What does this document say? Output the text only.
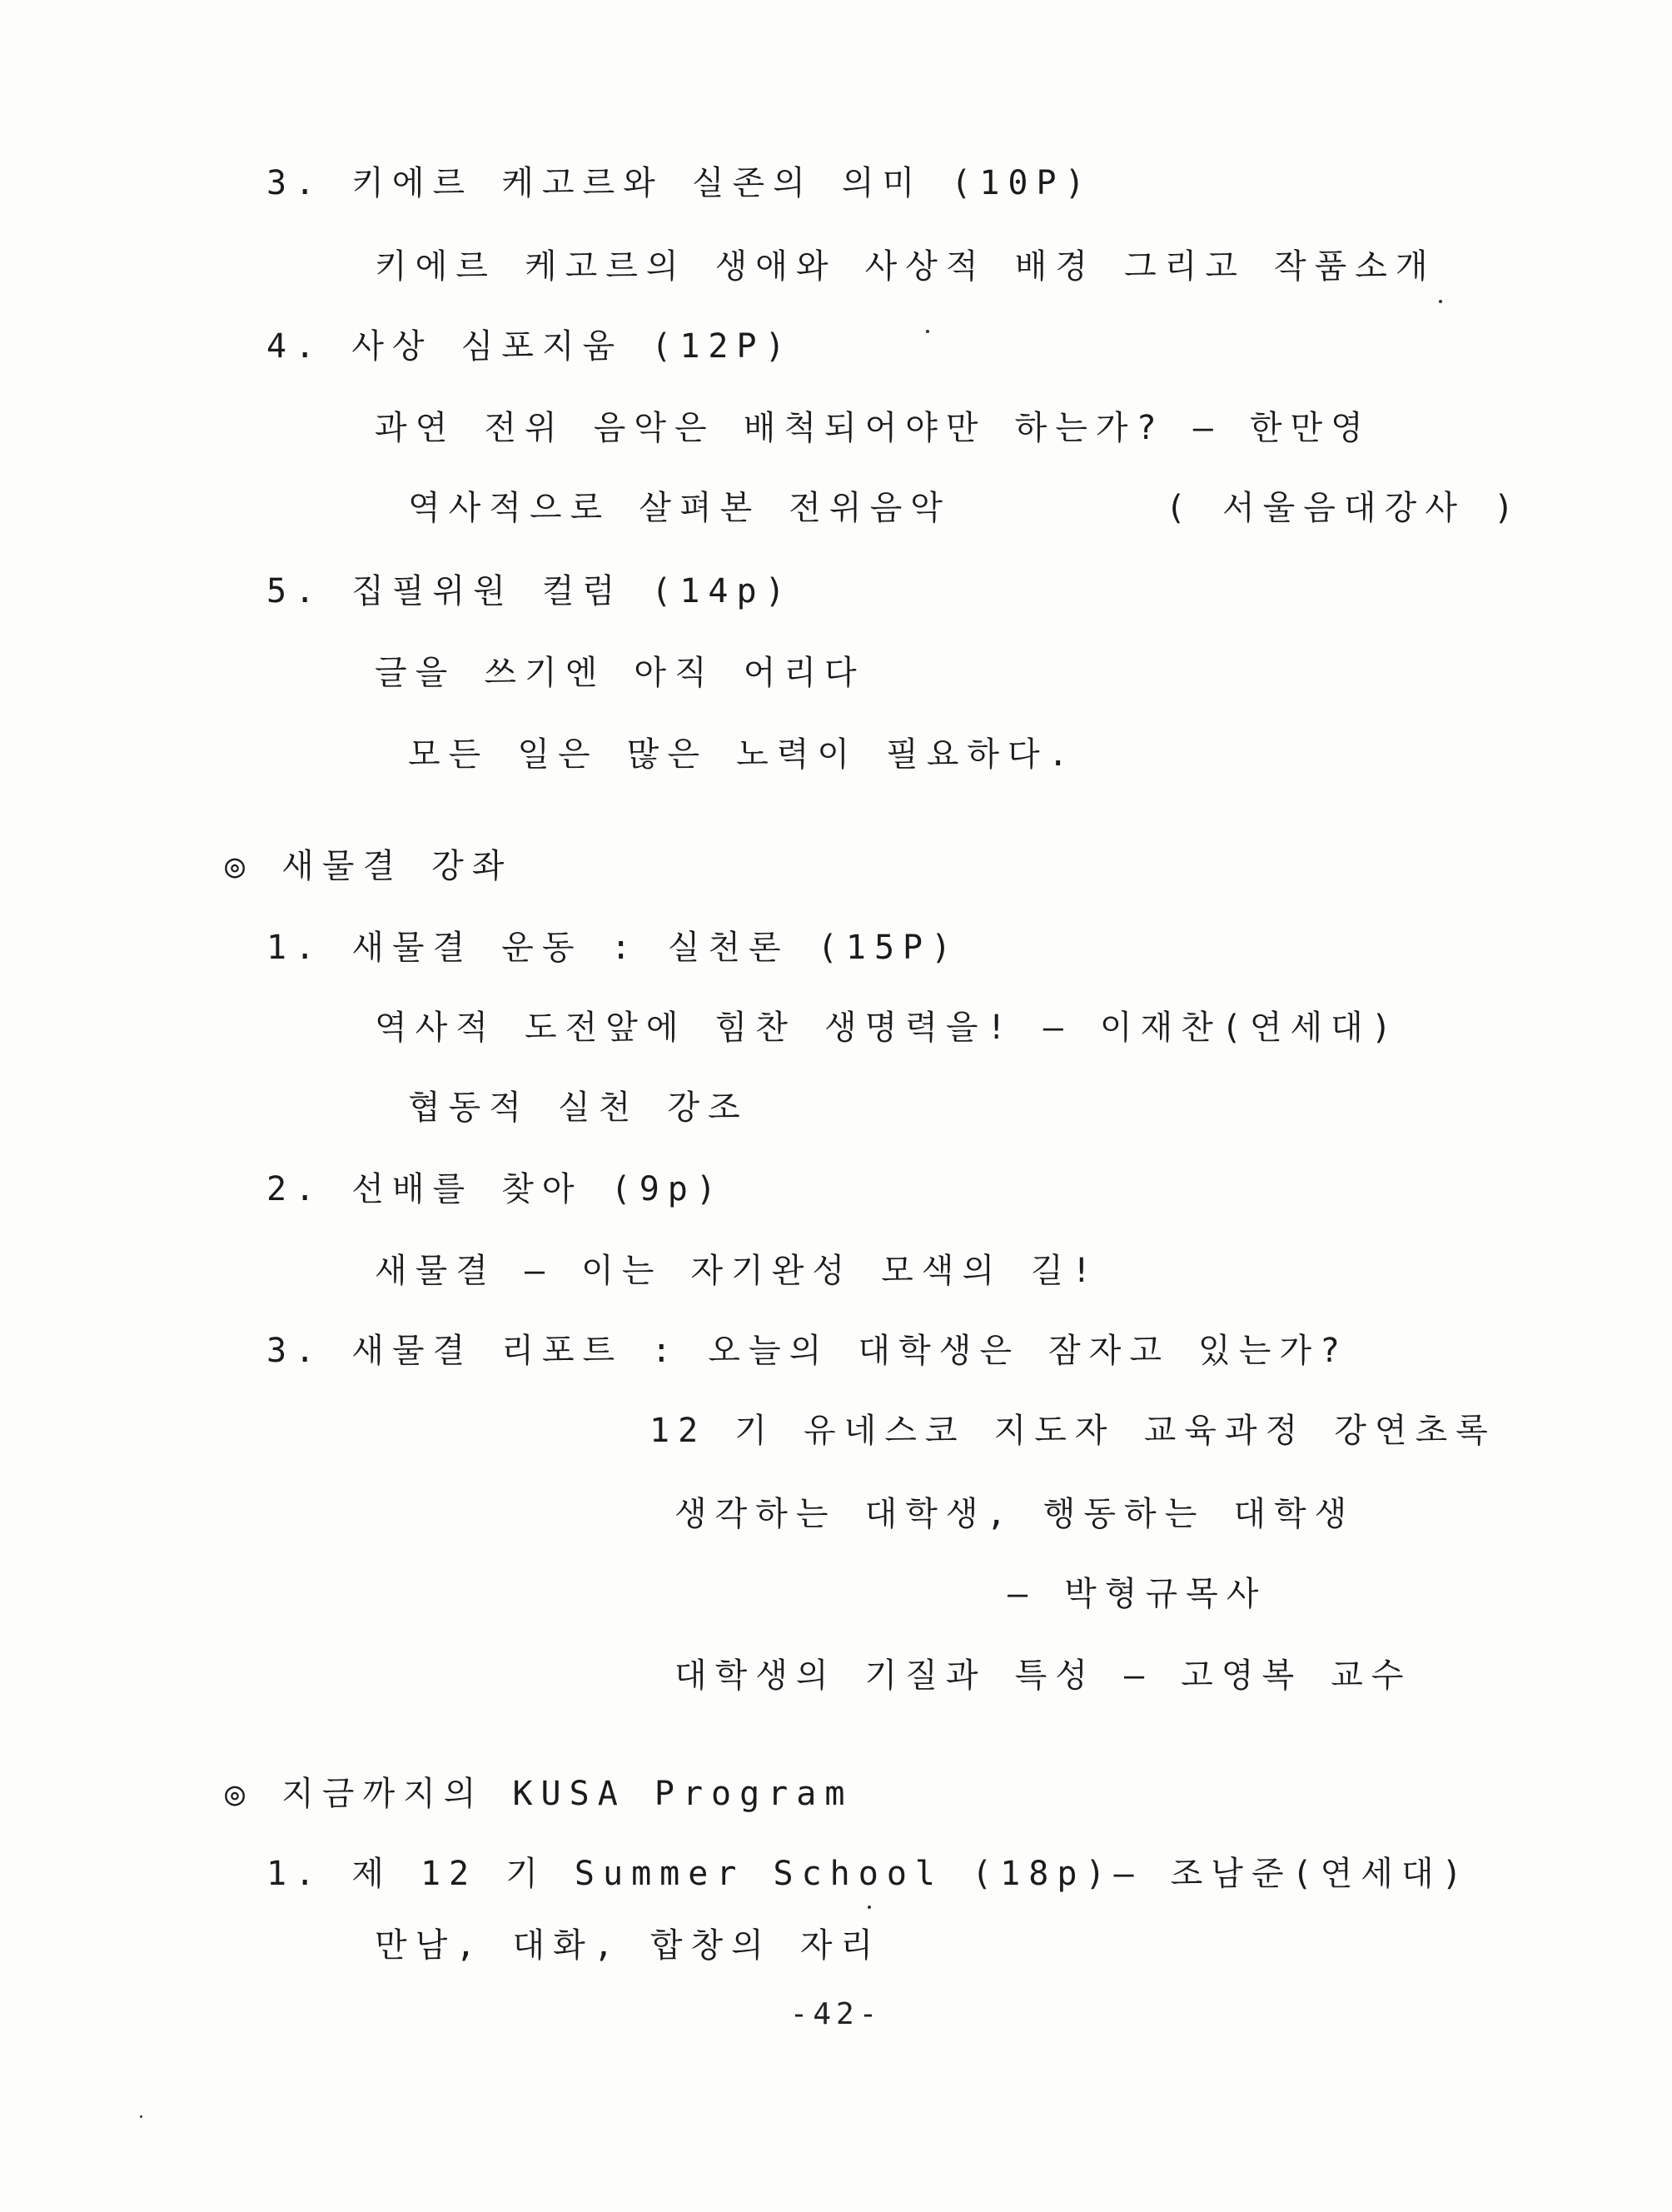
3. 키에르 케고르와 실존의 의미 (10P)
키에르 케고르의 생애와 사상적 배경 그리고 작품소개
4. 사상 심포지움 (12P)
과연 전위 음악은 배척되어야만 하는가? — 한만영
역사적으로 살펴본 전위음악	( 서울음대강사 )
5. 집필위원 컬럼 (14p)
글을 쓰기엔 아직 어리다
모든 일은 많은 노력이 필요하다.
◎ 새물결 강좌
1. 새물결 운동 : 실천론 (15P)
역사적 도전앞에 힘찬 생명력을! — 이재찬(연세대)
협동적 실천 강조
2. 선배를 찾아 (9p)
새물결 — 이는 자기완성 모색의 길!
3. 새물결 리포트 : 오늘의 대학생은 잠자고 있는가?
12 기 유네스코 지도자 교육과정 강연초록
생각하는 대학생, 행동하는 대학생
— 박형규목사
대학생의 기질과 특성 — 고영복 교수
◎ 지금까지의 KUSA Program
1. 제 12 기 Summer School (18p)— 조남준(연세대)
만남, 대화, 합창의 자리
-42-
